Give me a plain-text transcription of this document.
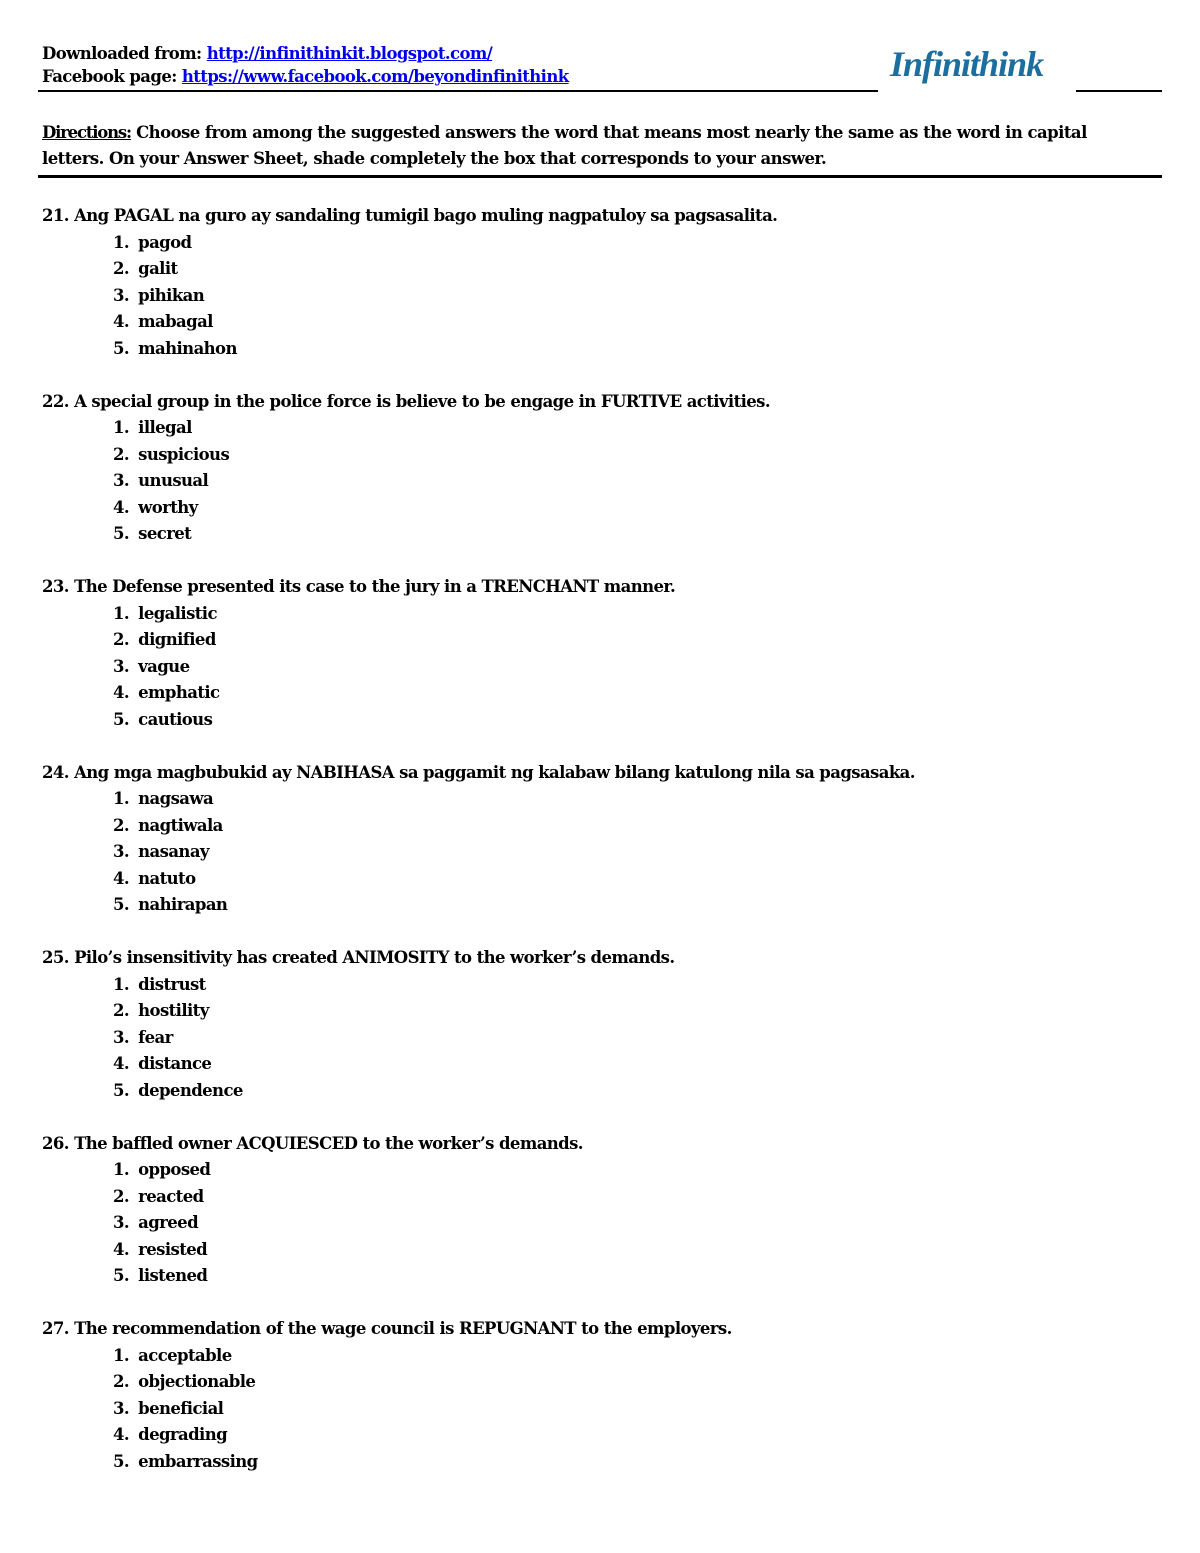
Downloaded from: http://infinithinkit.blogspot.com/
Facebook page: https://www.facebook.com/beyondinfinithink	Infinithink
Directions: Choose from among the suggested answers the word that means most nearly the same as the word in capital letters. On your Answer Sheet, shade completely the box that corresponds to your answer.
21. Ang PAGAL na guro ay sandaling tumigil bago muling nagpatuloy sa pagsasalita.
1. pagod
2. galit
3. pihikan
4. mabagal
5. mahinahon
22. A special group in the police force is believe to be engage in FURTIVE activities.
1. illegal
2. suspicious
3. unusual
4. worthy
5. secret
23. The Defense presented its case to the jury in a TRENCHANT manner.
1. legalistic
2. dignified
3. vague
4. emphatic
5. cautious
24. Ang mga magbubukid ay NABIHASA sa paggamit ng kalabaw bilang katulong nila sa pagsasaka.
1. nagsawa
2. nagtiwala
3. nasanay
4. natuto
5. nahirapan
25. Pilo’s insensitivity has created ANIMOSITY to the worker’s demands.
1. distrust
2. hostility
3. fear
4. distance
5. dependence
26. The baffled owner ACQUIESCED to the worker’s demands.
1. opposed
2. reacted
3. agreed
4. resisted
5. listened
27. The recommendation of the wage council is REPUGNANT to the employers.
1. acceptable
2. objectionable
3. beneficial
4. degrading
5. embarrassing
